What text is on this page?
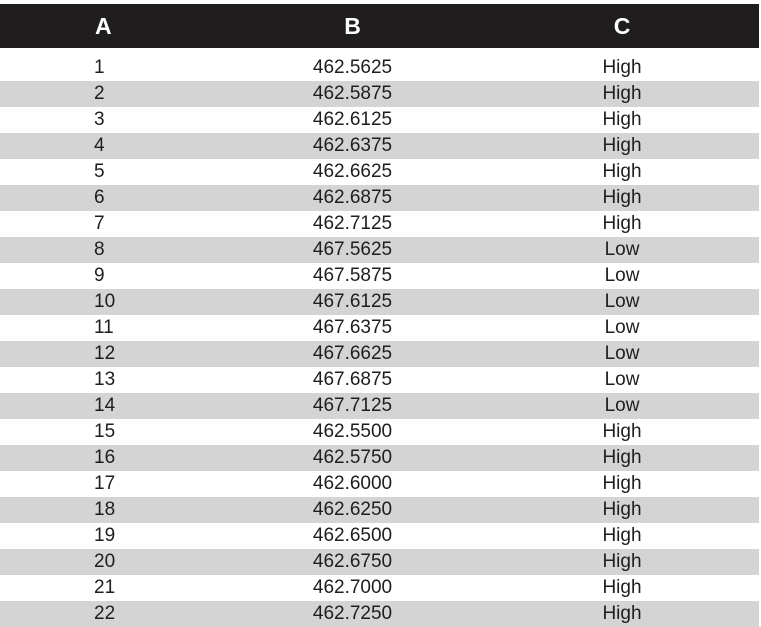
A	B	C
1	462.5625	High
2	462.5875	High
3	462.6125	High
4	462.6375	High
5	462.6625	High
6	462.6875	High
7	462.7125	High
8	467.5625	Low
9	467.5875	Low
10	467.6125	Low
11	467.6375	Low
12	467.6625	Low
13	467.6875	Low
14	467.7125	Low
15	462.5500	High
16	462.5750	High
17	462.6000	High
18	462.6250	High
19	462.6500	High
20	462.6750	High
21	462.7000	High
22	462.7250	High
